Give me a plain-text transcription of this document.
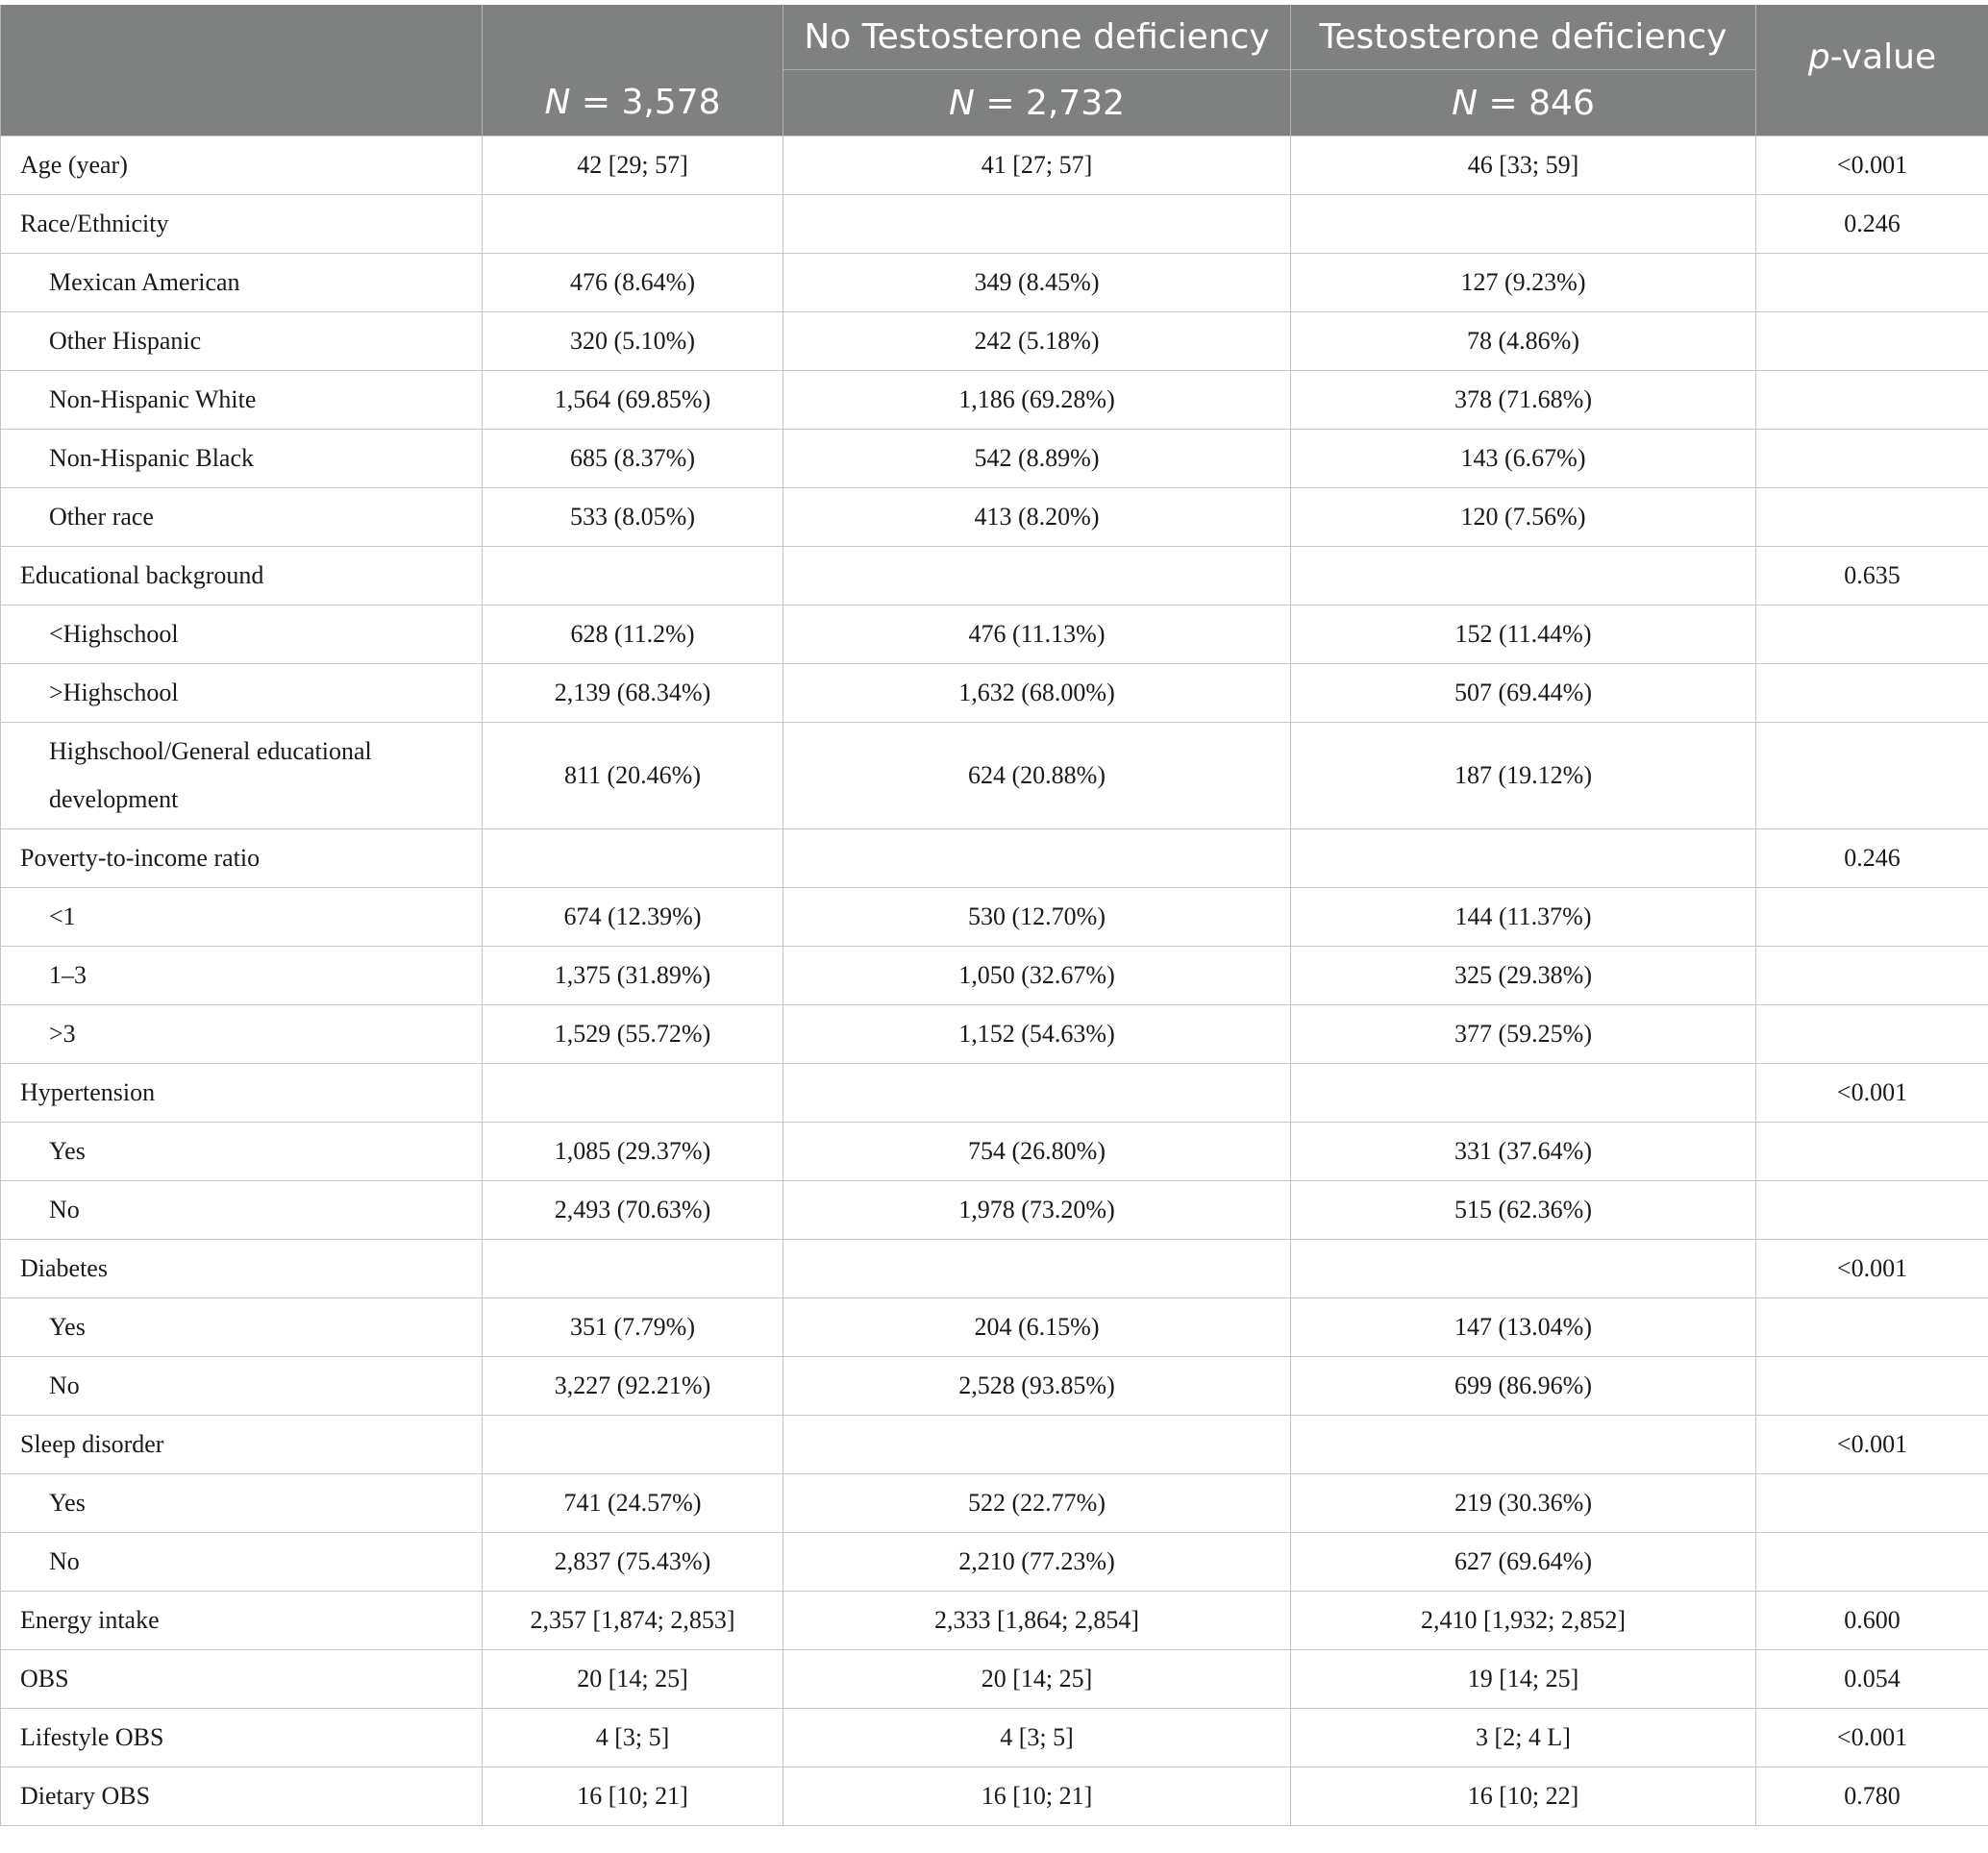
		No Testosterone deficiency	Testosterone deficiency	p-value
	N = 3,578	N = 2,732	N = 846	
Age (year)	42 [29; 57]	41 [27; 57]	46 [33; 59]	<0.001
Race/Ethnicity				0.246
Mexican American	476 (8.64%)	349 (8.45%)	127 (9.23%)	
Other Hispanic	320 (5.10%)	242 (5.18%)	78 (4.86%)	
Non-Hispanic White	1,564 (69.85%)	1,186 (69.28%)	378 (71.68%)	
Non-Hispanic Black	685 (8.37%)	542 (8.89%)	143 (6.67%)	
Other race	533 (8.05%)	413 (8.20%)	120 (7.56%)	
Educational background				0.635
<Highschool	628 (11.2%)	476 (11.13%)	152 (11.44%)	
>Highschool	2,139 (68.34%)	1,632 (68.00%)	507 (69.44%)	
Highschool/General educational development	811 (20.46%)	624 (20.88%)	187 (19.12%)	
Poverty-to-income ratio				0.246
<1	674 (12.39%)	530 (12.70%)	144 (11.37%)	
1–3	1,375 (31.89%)	1,050 (32.67%)	325 (29.38%)	
>3	1,529 (55.72%)	1,152 (54.63%)	377 (59.25%)	
Hypertension				<0.001
Yes	1,085 (29.37%)	754 (26.80%)	331 (37.64%)	
No	2,493 (70.63%)	1,978 (73.20%)	515 (62.36%)	
Diabetes				<0.001
Yes	351 (7.79%)	204 (6.15%)	147 (13.04%)	
No	3,227 (92.21%)	2,528 (93.85%)	699 (86.96%)	
Sleep disorder				<0.001
Yes	741 (24.57%)	522 (22.77%)	219 (30.36%)	
No	2,837 (75.43%)	2,210 (77.23%)	627 (69.64%)	
Energy intake	2,357 [1,874; 2,853]	2,333 [1,864; 2,854]	2,410 [1,932; 2,852]	0.600
OBS	20 [14; 25]	20 [14; 25]	19 [14; 25]	0.054
Lifestyle OBS	4 [3; 5]	4 [3; 5]	3 [2; 4 L]	<0.001
Dietary OBS	16 [10; 21]	16 [10; 21]	16 [10; 22]	0.780
